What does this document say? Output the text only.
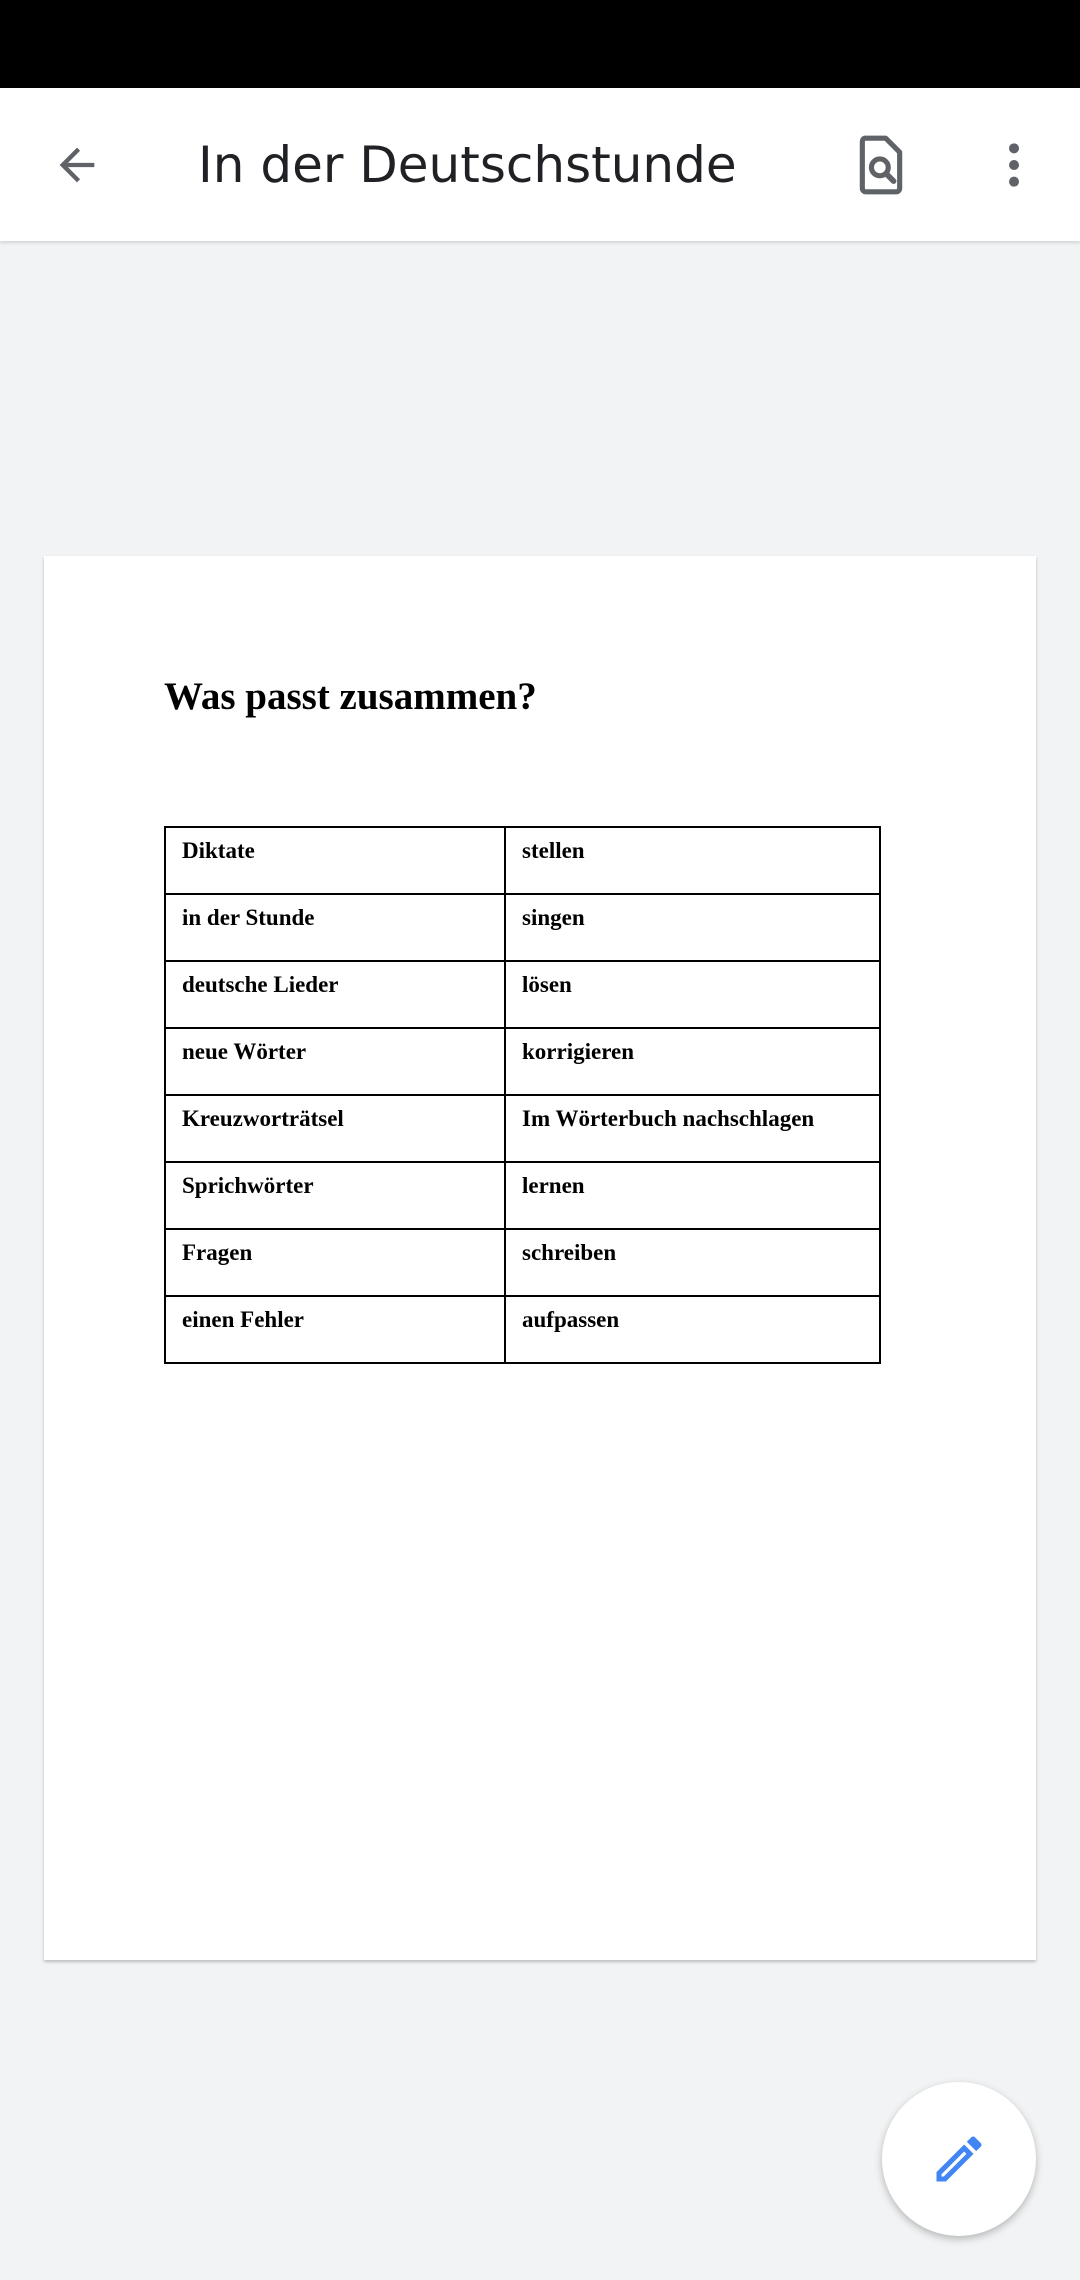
In der Deutschstunde
Was passt zusammen?
Diktate	stellen
in der Stunde	singen
deutsche Lieder	lösen
neue Wörter	korrigieren
Kreuzworträtsel	Im Wörterbuch nachschlagen
Sprichwörter	lernen
Fragen	schreiben
einen Fehler	aufpassen
